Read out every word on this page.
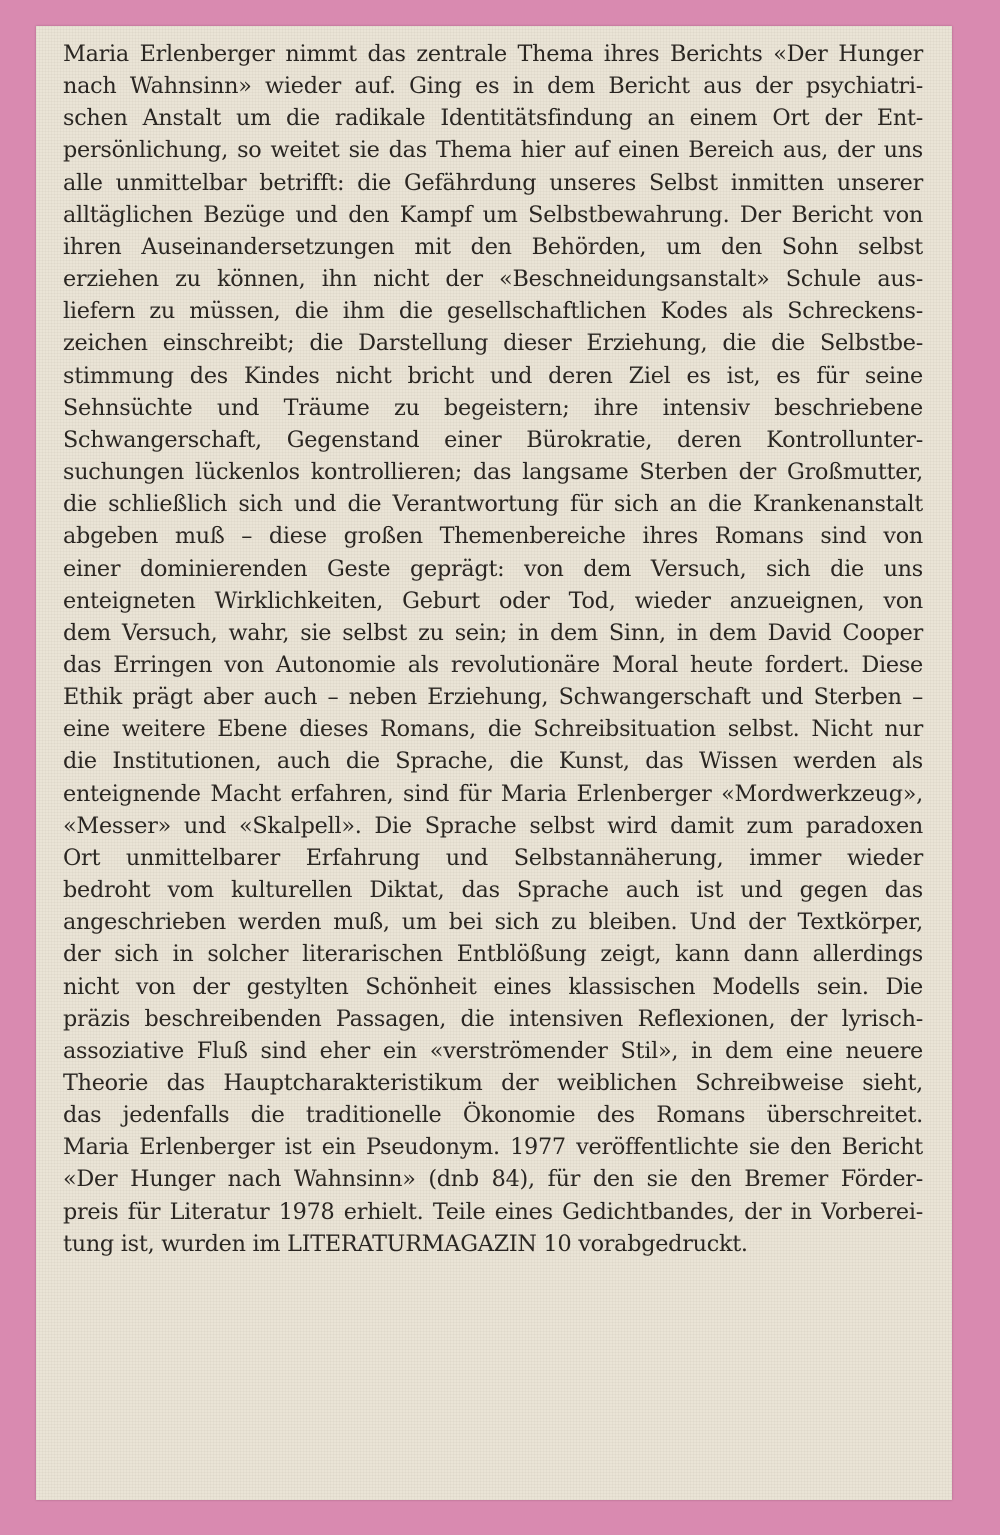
Maria Erlenberger nimmt das zentrale Thema ihres Berichts «Der Hunger
nach Wahnsinn» wieder auf. Ging es in dem Bericht aus der psychiatri-
schen Anstalt um die radikale Identitätsfindung an einem Ort der Ent-
persönlichung, so weitet sie das Thema hier auf einen Bereich aus, der uns
alle unmittelbar betrifft: die Gefährdung unseres Selbst inmitten unserer
alltäglichen Bezüge und den Kampf um Selbstbewahrung. Der Bericht von
ihren Auseinandersetzungen mit den Behörden, um den Sohn selbst
erziehen zu können, ihn nicht der «Beschneidungsanstalt» Schule aus-
liefern zu müssen, die ihm die gesellschaftlichen Kodes als Schreckens-
zeichen einschreibt; die Darstellung dieser Erziehung, die die Selbstbe-
stimmung des Kindes nicht bricht und deren Ziel es ist, es für seine
Sehnsüchte und Träume zu begeistern; ihre intensiv beschriebene
Schwangerschaft, Gegenstand einer Bürokratie, deren Kontrollunter-
suchungen lückenlos kontrollieren; das langsame Sterben der Großmutter,
die schließlich sich und die Verantwortung für sich an die Krankenanstalt
abgeben muß – diese großen Themenbereiche ihres Romans sind von
einer dominierenden Geste geprägt: von dem Versuch, sich die uns
enteigneten Wirklichkeiten, Geburt oder Tod, wieder anzueignen, von
dem Versuch, wahr, sie selbst zu sein; in dem Sinn, in dem David Cooper
das Erringen von Autonomie als revolutionäre Moral heute fordert. Diese
Ethik prägt aber auch – neben Erziehung, Schwangerschaft und Sterben –
eine weitere Ebene dieses Romans, die Schreibsituation selbst. Nicht nur
die Institutionen, auch die Sprache, die Kunst, das Wissen werden als
enteignende Macht erfahren, sind für Maria Erlenberger «Mordwerkzeug»,
«Messer» und «Skalpell». Die Sprache selbst wird damit zum paradoxen
Ort unmittelbarer Erfahrung und Selbstannäherung, immer wieder
bedroht vom kulturellen Diktat, das Sprache auch ist und gegen das
angeschrieben werden muß, um bei sich zu bleiben. Und der Textkörper,
der sich in solcher literarischen Entblößung zeigt, kann dann allerdings
nicht von der gestylten Schönheit eines klassischen Modells sein. Die
präzis beschreibenden Passagen, die intensiven Reflexionen, der lyrisch-
assoziative Fluß sind eher ein «verströmender Stil», in dem eine neuere
Theorie das Hauptcharakteristikum der weiblichen Schreibweise sieht,
das jedenfalls die traditionelle Ökonomie des Romans überschreitet.
Maria Erlenberger ist ein Pseudonym. 1977 veröffentlichte sie den Bericht
«Der Hunger nach Wahnsinn» (dnb 84), für den sie den Bremer Förder-
preis für Literatur 1978 erhielt. Teile eines Gedichtbandes, der in Vorberei-
tung ist, wurden im LITERATURMAGAZIN 10 vorabgedruckt.
